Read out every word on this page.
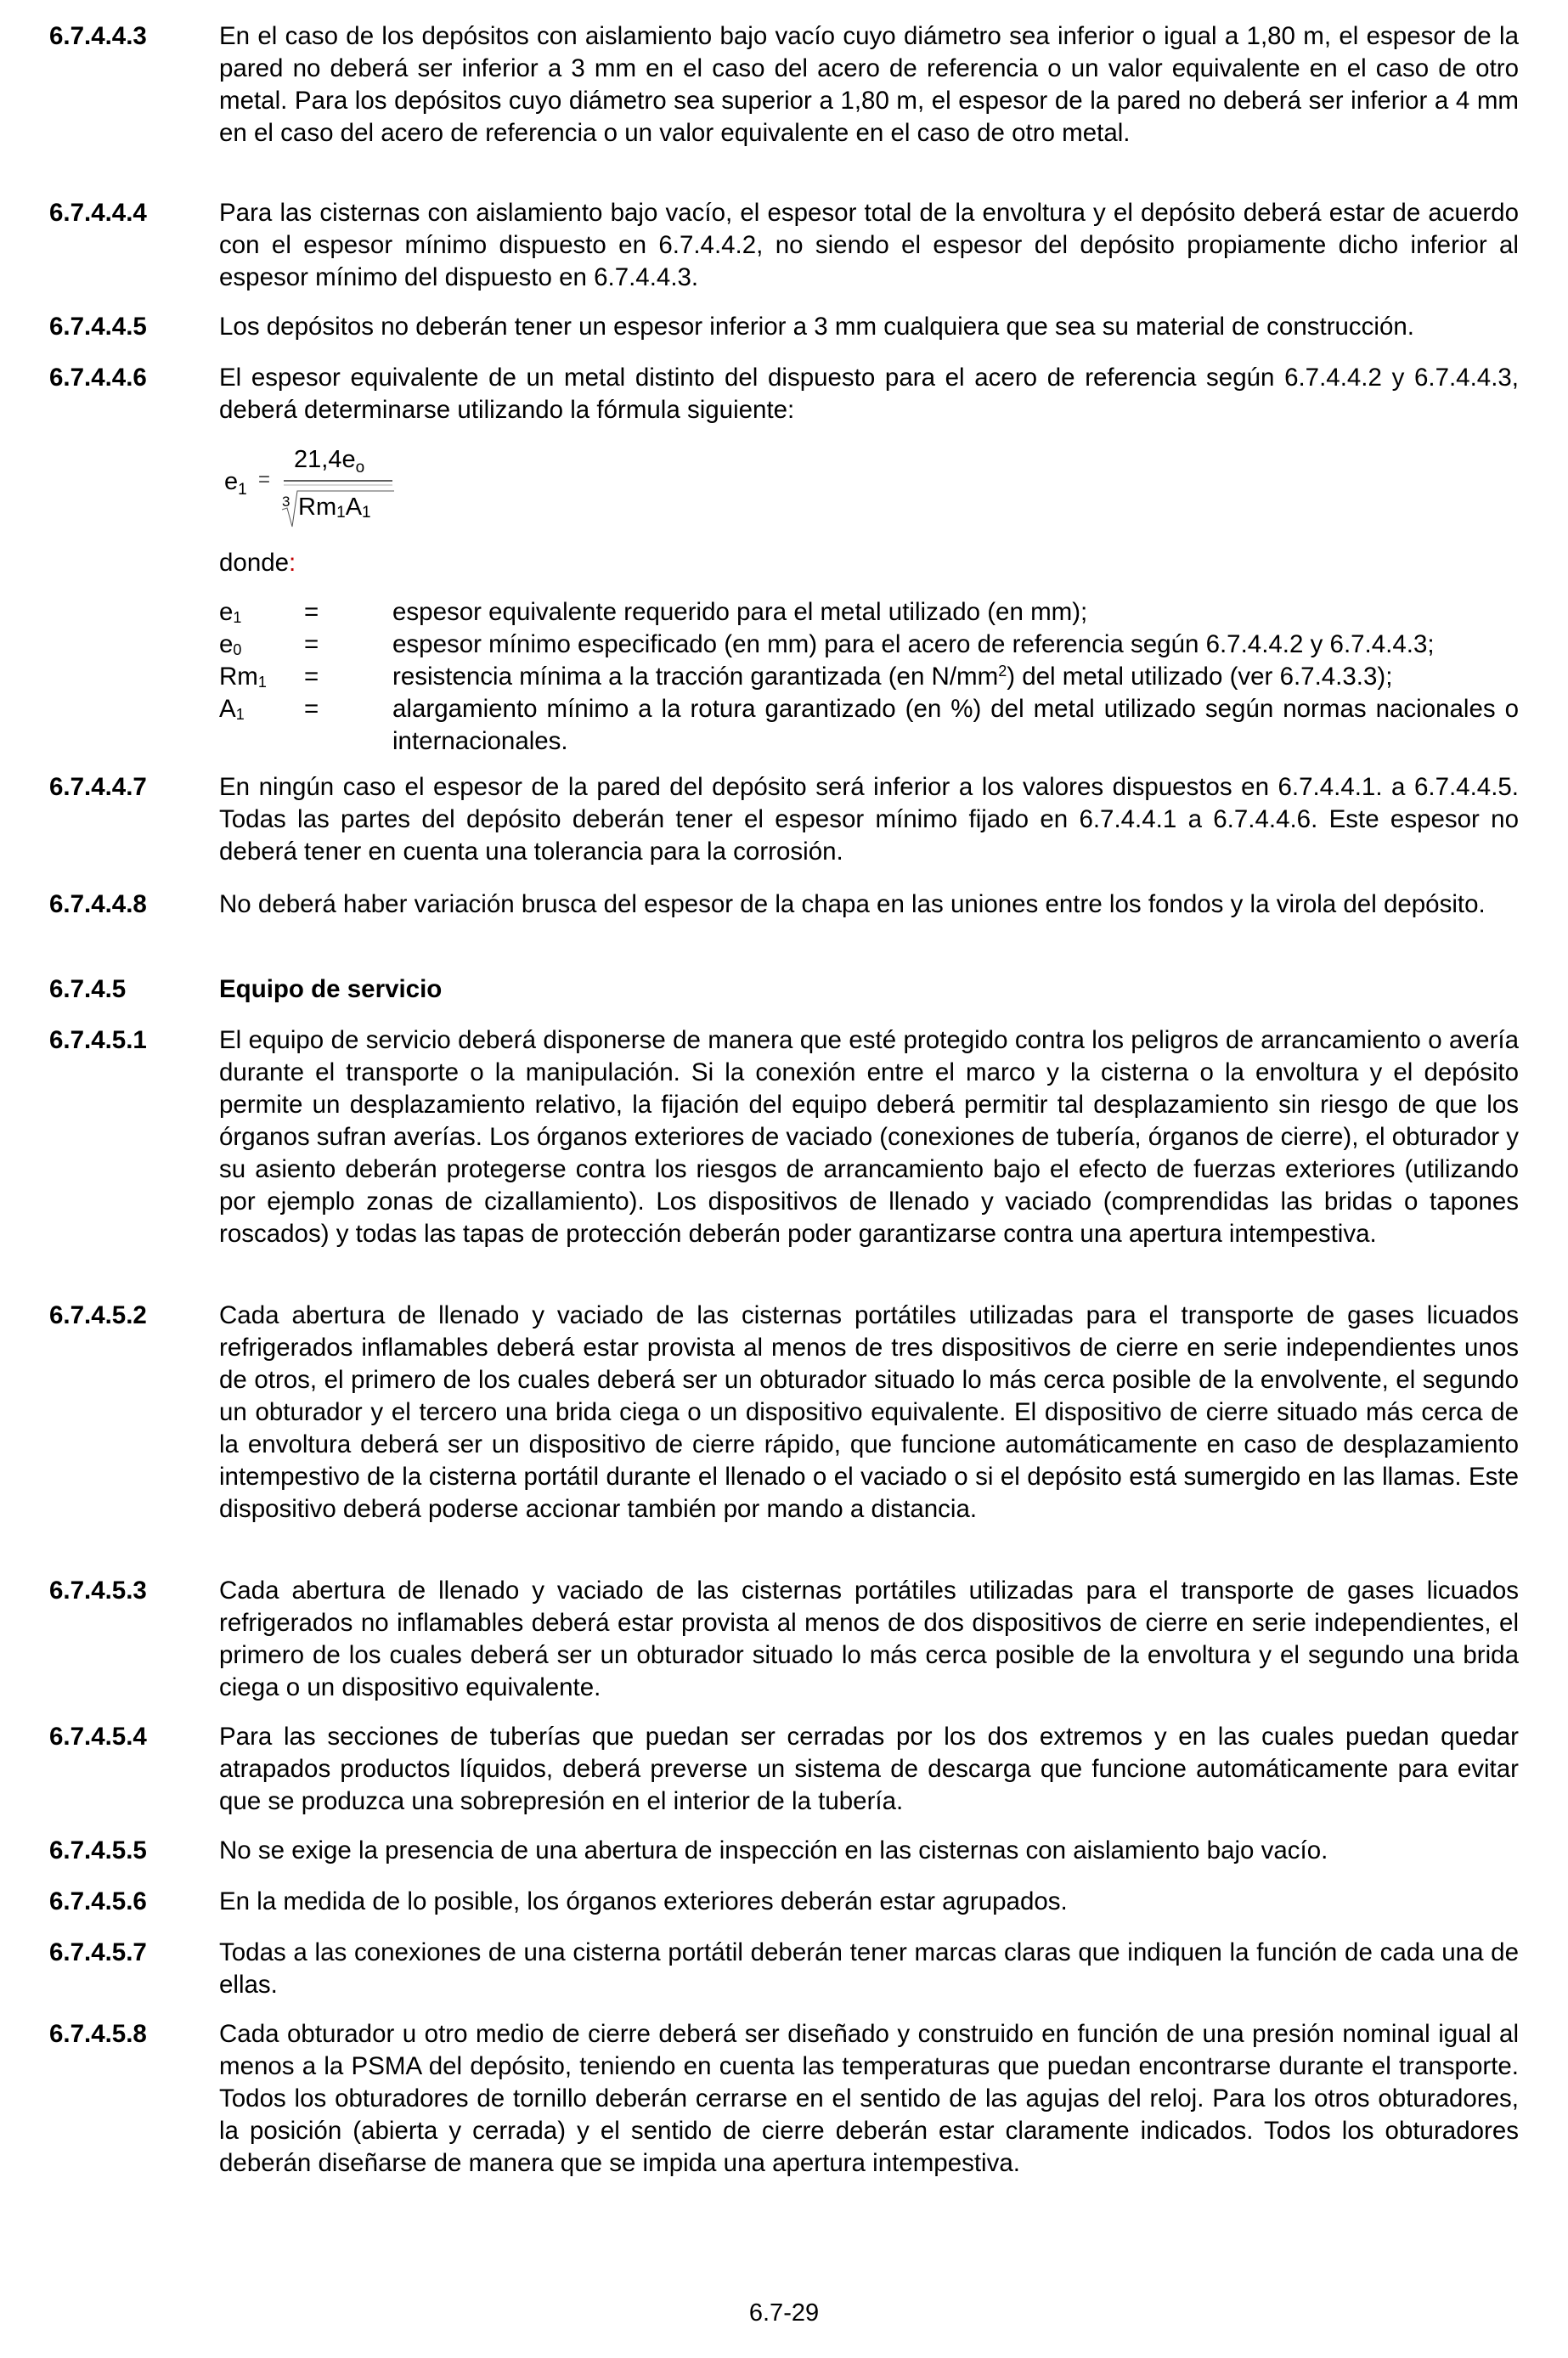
6.7.4.4.3	En el caso de los depósitos con aislamiento bajo vacío cuyo diámetro sea inferior o igual a 1,80 m, el espesor de la pared no deberá ser inferior a 3 mm en el caso del acero de referencia o un valor equivalente en el caso de otro metal. Para los depósitos cuyo diámetro sea superior a 1,80 m, el espesor de la pared no deberá ser inferior a 4 mm en el caso del acero de referencia o un valor equivalente en el caso de otro metal.
6.7.4.4.4	Para las cisternas con aislamiento bajo vacío, el espesor total de la envoltura y el depósito deberá estar de acuerdo con el espesor mínimo dispuesto en 6.7.4.4.2, no siendo el espesor del depósito propiamente dicho inferior al espesor mínimo del dispuesto en 6.7.4.4.3.
6.7.4.4.5	Los depósitos no deberán tener un espesor inferior a 3 mm cualquiera que sea su material de construcción.
6.7.4.4.6	El espesor equivalente de un metal distinto del dispuesto para el acero de referencia según 6.7.4.4.2 y 6.7.4.4.3, deberá determinarse utilizando la fórmula siguiente:
$e_1$ =
$21,4e_o$
3 $Rm_1A_1$
donde:
$e_1$	=	espesor equivalente requerido para el metal utilizado (en mm);
$e_0$	=	espesor mínimo especificado (en mm) para el acero de referencia según 6.7.4.4.2 y 6.7.4.4.3;
$Rm_1$	=	resistencia mínima a la tracción garantizada (en $N/mm^2$) del metal utilizado (ver 6.7.4.3.3);
$A_1$	=	alargamiento mínimo a la rotura garantizado (en %) del metal utilizado según normas nacionales o internacionales.
6.7.4.4.7	En ningún caso el espesor de la pared del depósito será inferior a los valores dispuestos en 6.7.4.4.1. a 6.7.4.4.5. Todas las partes del depósito deberán tener el espesor mínimo fijado en 6.7.4.4.1 a 6.7.4.4.6. Este espesor no deberá tener en cuenta una tolerancia para la corrosión.
6.7.4.4.8	No deberá haber variación brusca del espesor de la chapa en las uniones entre los fondos y la virola del depósito.
6.7.4.5	Equipo de servicio
6.7.4.5.1	El equipo de servicio deberá disponerse de manera que esté protegido contra los peligros de arrancamiento o avería durante el transporte o la manipulación. Si la conexión entre el marco y la cisterna o la envoltura y el depósito permite un desplazamiento relativo, la fijación del equipo deberá permitir tal desplazamiento sin riesgo de que los órganos sufran averías. Los órganos exteriores de vaciado (conexiones de tubería, órganos de cierre), el obturador y su asiento deberán protegerse contra los riesgos de arrancamiento bajo el efecto de fuerzas exteriores (utilizando por ejemplo zonas de cizallamiento). Los dispositivos de llenado y vaciado (comprendidas las bridas o tapones roscados) y todas las tapas de protección deberán poder garantizarse contra una apertura intempestiva.
6.7.4.5.2	Cada abertura de llenado y vaciado de las cisternas portátiles utilizadas para el transporte de gases licuados refrigerados inflamables deberá estar provista al menos de tres dispositivos de cierre en serie independientes unos de otros, el primero de los cuales deberá ser un obturador situado lo más cerca posible de la envolvente, el segundo un obturador y el tercero una brida ciega o un dispositivo equivalente. El dispositivo de cierre situado más cerca de la envoltura deberá ser un dispositivo de cierre rápido, que funcione automáticamente en caso de desplazamiento intempestivo de la cisterna portátil durante el llenado o el vaciado o si el depósito está sumergido en las llamas. Este dispositivo deberá poderse accionar también por mando a distancia.
6.7.4.5.3	Cada abertura de llenado y vaciado de las cisternas portátiles utilizadas para el transporte de gases licuados refrigerados no inflamables deberá estar provista al menos de dos dispositivos de cierre en serie independientes, el primero de los cuales deberá ser un obturador situado lo más cerca posible de la envoltura y el segundo una brida ciega o un dispositivo equivalente.
6.7.4.5.4	Para las secciones de tuberías que puedan ser cerradas por los dos extremos y en las cuales puedan quedar atrapados productos líquidos, deberá preverse un sistema de descarga que funcione automáticamente para evitar que se produzca una sobrepresión en el interior de la tubería.
6.7.4.5.5	No se exige la presencia de una abertura de inspección en las cisternas con aislamiento bajo vacío.
6.7.4.5.6	En la medida de lo posible, los órganos exteriores deberán estar agrupados.
6.7.4.5.7	Todas a las conexiones de una cisterna portátil deberán tener marcas claras que indiquen la función de cada una de ellas.
6.7.4.5.8	Cada obturador u otro medio de cierre deberá ser diseñado y construido en función de una presión nominal igual al menos a la PSMA del depósito, teniendo en cuenta las temperaturas que puedan encontrarse durante el transporte. Todos los obturadores de tornillo deberán cerrarse en el sentido de las agujas del reloj. Para los otros obturadores, la posición (abierta y cerrada) y el sentido de cierre deberán estar claramente indicados. Todos los obturadores deberán diseñarse de manera que se impida una apertura intempestiva.
6.7-29
